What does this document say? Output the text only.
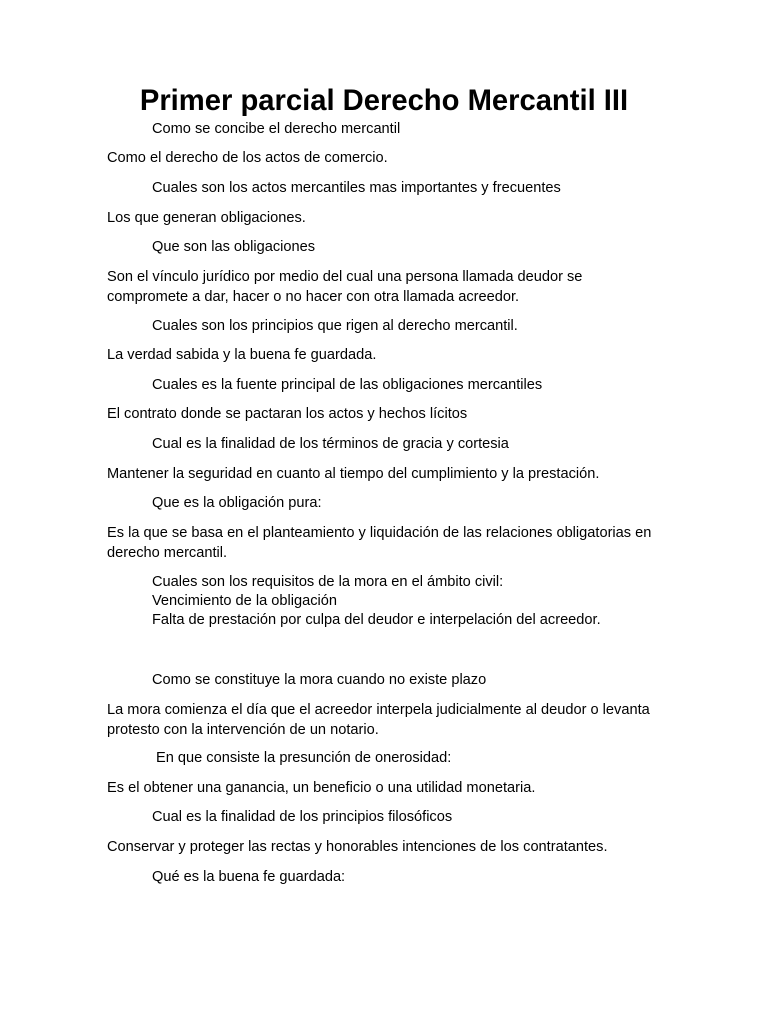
Primer parcial Derecho Mercantil III
Como se concibe el derecho mercantil

Como el derecho de los actos de comercio.

Cuales son los actos mercantiles mas importantes y frecuentes

Los que generan obligaciones.

Que son las obligaciones

Son el vínculo jurídico por medio del cual una persona llamada deudor se compromete a dar, hacer o no hacer con otra llamada acreedor.

Cuales son los principios que rigen al derecho mercantil.

La verdad sabida y la buena fe guardada.

Cuales es la fuente principal de las obligaciones mercantiles

El contrato donde se pactaran los actos y hechos lícitos

Cual es la finalidad de los términos de gracia y cortesia

Mantener la seguridad en cuanto al tiempo del cumplimiento y la prestación.

Que es la obligación pura:

Es la que se basa en el planteamiento y liquidación de las relaciones obligatorias en derecho mercantil.

Cuales son los requisitos de la mora en el ámbito civil:
Vencimiento de la obligación
Falta de prestación por culpa del deudor e interpelación del acreedor.
Como se constituye la mora cuando no existe plazo

La mora comienza el día que el acreedor interpela judicialmente al deudor o levanta protesto con la intervención de un notario.

En que consiste la presunción de onerosidad:

Es el obtener una ganancia, un beneficio o una utilidad monetaria.

Cual es la finalidad de los principios filosóficos

Conservar y proteger las rectas y honorables intenciones de los contratantes.

Qué es la buena fe guardada:
